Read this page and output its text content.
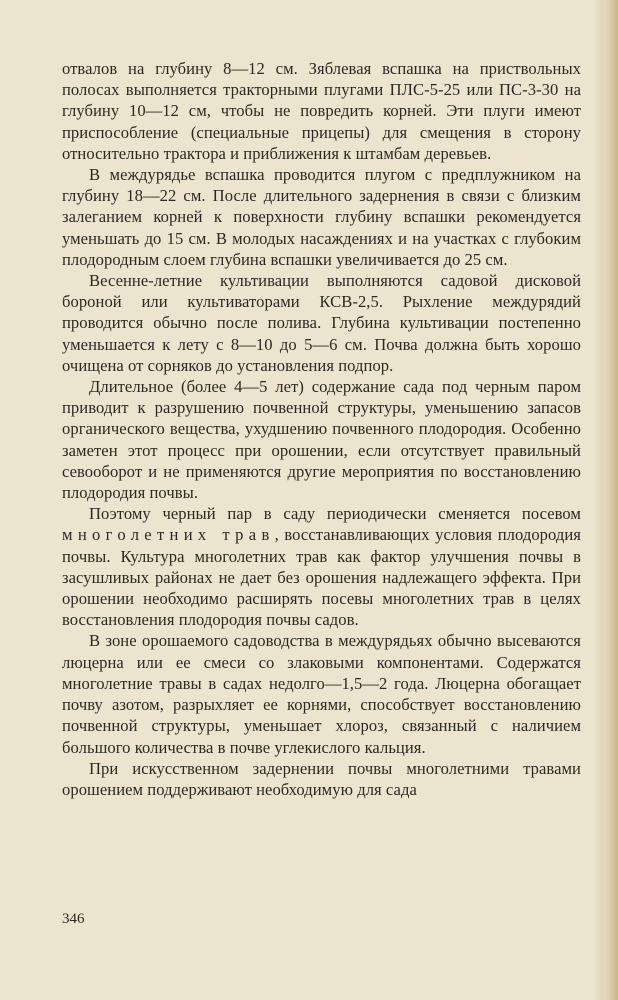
отвалов на глубину 8—12 см. Зяблевая вспашка на приствольных полосах выполняется тракторными плугами ПЛС-5-25 или ПС-3-30 на глубину 10—12 см, чтобы не повредить корней. Эти плуги имеют приспособление (специальные прицепы) для смещения в сторону относительно трактора и приближения к штамбам деревьев.

В междурядье вспашка проводится плугом с предплужником на глубину 18—22 см. После длительного задернения в связи с близким залеганием корней к поверхности глубину вспашки рекомендуется уменьшать до 15 см. В молодых насаждениях и на участках с глубоким плодородным слоем глубина вспашки увеличивается до 25 см.

Весенне-летние культивации выполняются садовой дисковой бороной или культиваторами КСВ-2,5. Рыхление междурядий проводится обычно после полива. Глубина культивации постепенно уменьшается к лету с 8—10 до 5—6 см. Почва должна быть хорошо очищена от сорняков до установления подпор.

Длительное (более 4—5 лет) содержание сада под черным паром приводит к разрушению почвенной структуры, уменьшению запасов органического вещества, ухудшению почвенного плодородия. Особенно заметен этот процесс при орошении, если отсутствует правильный севооборот и не применяются другие мероприятия по восстановлению плодородия почвы.

Поэтому черный пар в саду периодически сменяется посевом многолетних трав, восстанавливающих условия плодородия почвы. Культура многолетних трав как фактор улучшения почвы в засушливых районах не дает без орошения надлежащего эффекта. При орошении необходимо расширять посевы многолетних трав в целях восстановления плодородия почвы садов.

В зоне орошаемого садоводства в междурядьях обычно высеваются люцерна или ее смеси со злаковыми компонентами. Содержатся многолетние травы в садах недолго—1,5—2 года. Люцерна обогащает почву азотом, разрыхляет ее корнями, способствует восстановлению почвенной структуры, уменьшает хлороз, связанный с наличием большого количества в почве углекислого кальция.

При искусственном задернении почвы многолетними травами орошением поддерживают необходимую для сада

346
